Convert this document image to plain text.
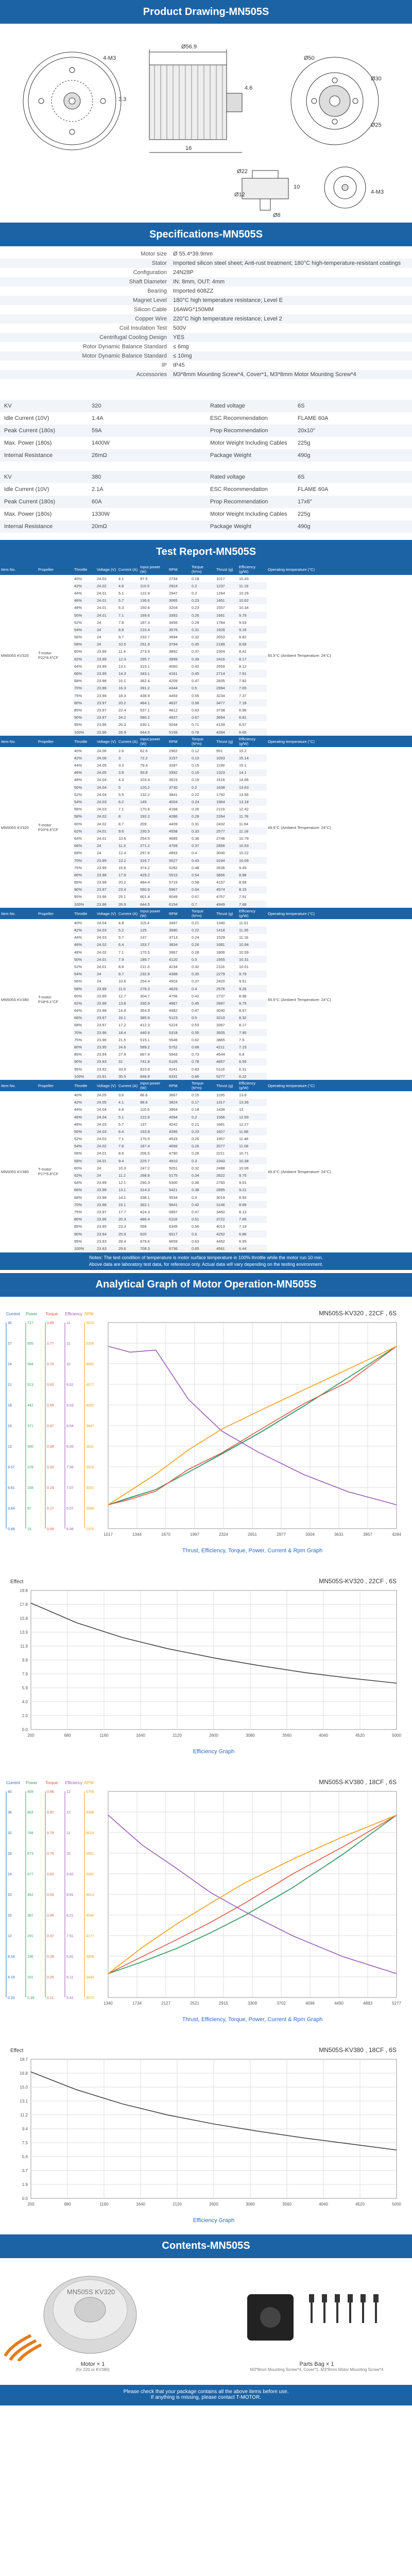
Product Drawing-MN505S
Ø56.9
16
4.6
4-M3	Ø50
Ø30
Ø25
Ø22
Ø12
Ø8
10
3.3
4-M3
Specifications-MN505S
Motor size	Ø 55.4*39.9mm
Stator	Imported silicon steel sheet; Anti-rust treatment; 180°C high-temperature-resistant coatings
Configuration	24N28P
Shaft Diameter	IN: 8mm, OUT: 4mm
Bearing	Imported 608ZZ
Magnet Level	180°C high temperature resistance; Level E
Silicon Cable	16AWG*150MM
Copper Wire	220°C high temperature resistance; Level 2
Coil Insulation Test	500V
Centrifugal Cooling Design	YES
Rotor Dynamic Balance Standard	≤ 6mg
Motor Dynamic Balance Standard	≤ 10mg
IP	IP45
Accessories	M3*8mm Mounting Screw*4, Cover*1, M3*8mm Motor Mounting Screw*4
KV	320	Rated voltage	6S
Idle Current (10V)	1.4A	ESC Recommendation	FLAME 60A
Peak Current (180s)	59A	Prop Recommendation	20x10"
Max. Power (180s)	1400W	Motor Weight Including Cables	225g
Internal Resistance	26mΩ	Package Weight	490g
KV	380	Rated voltage	6S
Idle Current (10V)	2.1A	ESC Recommendation	FLAME 60A
Peak Current (180s)	60A	Prop Recommendation	17x6"
Max. Power (180s)	1330W	Motor Weight Including Cables	225g
Internal Resistance	20mΩ	Package Weight	490g
Test Report-MN505S
Item No.	Propeller	Throttle	Voltage (V)	Current (A)	Input power (W)	RPM	Torque (N*m)	Thrust (g)	Efficiency (g/W)	Operating temperature (°C)
MN505S KV320	T-motor P22*6.6"CF	40%	24.02	4.1	97.5	2734	0.18	1017	10.43	65.5°C (Ambient Temperature: 24°C)
		42%	24.02	4.6	110.5	2924	0.2	1237	11.19	
		44%	24.01	5.1	122.9	2947	0.2	1264	10.29	
		46%	24.01	5.7	136.6	3065	0.23	1451	10.62	
		48%	24.01	6.3	150.6	3204	0.23	1557	10.34	
		50%	24.01	7.1	169.6	3392	0.26	1661	9.79	
		52%	24	7.8	187.3	3456	0.29	1784	9.53	
		54%	24	8.8	210.4	3576	0.31	1928	9.16	
		56%	24	9.7	232.7	3694	0.32	2053	8.82	
		58%	24	10.5	251.9	3794	0.35	2189	8.69	
		60%	23.99	11.4	273.9	3892	0.37	2304	8.41	
		62%	23.99	12.3	295.7	3999	0.39	2416	8.17	
		64%	23.99	13.1	315.1	4060	0.42	2559	8.12	
		66%	23.99	14.3	343.1	4161	0.45	2714	7.91	
		68%	23.98	15.1	362.4	4209	0.47	2835	7.82	
		70%	23.98	16.3	391.2	4344	0.5	2994	7.65	
		75%	23.98	18.3	438.9	4493	0.55	3234	7.37	
		80%	23.97	20.2	484.1	4637	0.58	3477	7.18	
		85%	23.97	22.4	537.1	4812	0.63	3738	6.96	
		90%	23.97	24.2	580.2	4937	0.67	3954	6.81	
		95%	23.96	26.3	630.1	5044	0.71	4139	6.57	
		100%	23.96	26.9	644.5	5159	0.76	4284	6.65	
Item No.	Propeller	Throttle	Voltage (V)	Current (A)	Input power (W)	RPM	Torque (N*m)	Thrust (g)	Efficiency (g/W)	Operating temperature (°C)
MN505S KV320	T-motor P20*6.6"CF	40%	24.06	2.6	62.6	2962	0.12	951	15.2	49.6°C (Ambient Temperature: 24°C)
		42%	24.06	3	72.2	3157	0.13	1093	15.14	
		44%	24.05	3.3	79.4	3287	0.15	1199	15.1	
		46%	24.05	3.9	93.8	3392	0.16	1323	14.1	
		48%	24.04	4.3	103.4	3623	0.19	1516	14.66	
		50%	24.04	5	120.2	3730	0.2	1638	13.63	
		52%	24.04	5.5	132.2	3841	0.22	1792	13.56	
		54%	24.03	6.2	149	4004	0.24	1964	13.18	
		56%	24.03	7.1	170.6	4168	0.26	2119	12.42	
		58%	24.02	8	192.2	4286	0.28	2264	11.78	
		60%	24.02	8.7	209	4409	0.31	2432	11.64	
		62%	24.01	9.6	230.5	4558	0.33	2577	11.18	
		64%	24.01	10.6	254.5	4685	0.36	2746	10.79	
		66%	24	11.3	271.2	4769	0.37	2856	10.53	
		68%	24	12.4	297.6	4893	0.4	3040	10.22	
		70%	23.99	13.2	316.7	5027	0.43	3194	10.09	
		75%	23.99	15.6	374.2	5282	0.48	3536	9.45	
		80%	23.98	17.9	429.2	5515	0.54	3856	8.98	
		85%	23.98	20.2	484.4	5715	0.58	4157	8.58	
		90%	23.97	23.4	560.9	5967	0.64	4574	8.15	
		95%	23.96	25.1	601.4	6049	0.67	4757	7.91	
		100%	23.96	26.9	644.5	6154	0.7	4949	7.68	
Item No.	Propeller	Throttle	Voltage (V)	Current (A)	Input power (W)	RPM	Torque (N*m)	Thrust (g)	Efficiency (g/W)	Operating temperature (°C)
MN505S KV380	T-motor P18*6.1"CF	40%	24.04	4.8	115.4	3497	0.21	1340	11.61	65.5°C (Ambient Temperature: 24°C)
		42%	24.03	5.2	125	3580	0.22	1418	11.35	
		44%	24.03	5.7	137	3713	0.24	1529	11.16	
		46%	24.02	6.4	153.7	3834	0.26	1681	10.94	
		48%	24.02	7.1	170.5	3967	0.28	1806	10.59	
		50%	24.01	7.9	189.7	4120	0.3	1955	10.31	
		52%	24.01	8.8	211.3	4234	0.32	2116	10.01	
		54%	24	9.7	232.8	4388	0.35	2279	9.79	
		56%	24	10.6	254.4	4503	0.37	2420	9.51	
		58%	23.99	11.6	278.3	4629	0.4	2576	9.26	
		60%	23.99	12.7	304.7	4756	0.42	2737	8.98	
		62%	23.98	13.8	330.9	4867	0.45	2897	8.75	
		64%	23.98	14.8	354.9	4982	0.47	3040	8.57	
		66%	23.97	16.1	385.9	5123	0.5	3210	8.32	
		68%	23.97	17.2	412.3	5224	0.53	3367	8.17	
		70%	23.96	18.4	440.9	5318	0.55	3505	7.95	
		75%	23.96	21.5	515.1	5546	0.62	3865	7.5	
		80%	23.95	24.6	589.2	5752	0.68	4211	7.15	
		85%	23.94	27.9	667.9	5943	0.73	4544	6.8	
		90%	23.93	31	741.8	6105	0.78	4857	6.55	
		95%	23.92	33.9	810.9	6241	0.83	5118	6.31	
		100%	23.91	35.5	848.8	6331	0.86	5277	6.22	
Item No.	Propeller	Throttle	Voltage (V)	Current (A)	Input power (W)	RPM	Torque (N*m)	Thrust (g)	Efficiency (g/W)	Operating temperature (°C)
MN505S KV380	T-motor P17*5.8"CF	40%	24.05	3.6	86.6	3667	0.15	1195	13.8	49.6°C (Ambient Temperature: 24°C)
		42%	24.05	4.1	98.6	3824	0.17	1317	13.36	
		44%	24.04	4.6	110.6	3964	0.18	1438	13	
		46%	24.04	5.1	122.6	4094	0.2	1556	12.69	
		48%	24.03	5.7	137	4242	0.21	1681	12.27	
		50%	24.03	6.4	153.8	4395	0.23	1827	11.88	
		52%	24.02	7.1	170.5	4533	0.25	1957	11.48	
		54%	24.02	7.8	187.4	4656	0.26	2077	11.08	
		56%	24.01	8.6	206.5	4790	0.28	2211	10.71	
		58%	24.01	9.4	225.7	4910	0.3	2343	10.38	
		60%	24	10.3	247.2	5051	0.32	2488	10.06	
		62%	24	11.2	268.8	5175	0.34	2622	9.75	
		64%	23.99	12.1	290.3	5300	0.36	2760	9.51	
		66%	23.99	13.1	314.3	5421	0.38	2895	9.21	
		68%	23.98	14.1	338.1	5534	0.4	3019	8.93	
		70%	23.98	15.1	362.1	5641	0.42	3146	8.69	
		75%	23.97	17.7	424.3	5897	0.47	3450	8.13	
		80%	23.96	20.3	486.4	6118	0.51	3722	7.65	
		85%	23.95	23.3	558	6345	0.56	4013	7.19	
		90%	23.94	25.9	620	6517	0.6	4252	6.86	
		95%	23.93	28.4	679.6	6659	0.63	4452	6.55	
		100%	23.93	29.6	708.3	6736	0.65	4561	6.44	
Notes: The test condition of temperature is motor surface temperature in 100% throttle while the motor run 10 min.
Above data are laboratory test data, for reference only. Actual data will vary depending on the testing environment.
Analytical Graph of Motor Operation-MN505S
MN505S-KV320 , 22CF , 6S
Thrust, Efficiency, Torque, Power, Current & Rpm Graph
1017	1344	1670	1997	2324	2651	2977	3304	3631	3957	4284
0.68
3.64
6.61
9.57
13
15
18
21
24
27
30
15
87
158
229
300
371
442
513
584
655
727
0.09
0.17
0.24
0.32
0.39
0.47
0.55
0.62
0.70
0.77
0.85
6.08
6.57
7.07
7.56
8.05
8.54
9.03
9.52
10
11
11
2370
2686
3001
3316
3631
3947
4262
4577
4892
5208
5523
Current Power Torque Efficiency RPM
MN505S-KV320 , 22CF , 6S
Efficiency Graph
Effect
200	680	1160	1640	2120	2600	3080	3560	4040	4520	5000
0.0
2.0
4.0
5.9
7.9
9.9
11.9
13.9
15.8
17.8
19.8
MN505S-KV380 , 18CF , 6S
Thrust, Efficiency, Torque, Power, Current & Rpm Graph
1340	1734	2127	2521	2915	3309	3702	4096	4490	4883	5277
0.20
4.19
8.18
12
16
20
24
28
32
36
40
5.39
101
196
291
387
482
577
673
768
863
959
0.11
0.20
0.28
0.37
0.45
0.53
0.62
0.70
0.79
0.87
0.96
5.41
6.11
6.81
7.51
8.21
8.91
9.62
10
11
12
12
3072
3440
3809
4177
4546
4914
5282
5651
6019
6388
6756
Current Power Torque Efficiency RPM
MN505S-KV380 , 18CF , 6S
Efficiency Graph
Effect
200	680	1160	1640	2120	2600	3080	3560	4040	4520	5000
0.0
1.9
3.7
5.6
7.5
9.4
11.2
13.1
15.0
16.8
18.7
Contents-MN505S
MN505S KV320
Motor × 1
(for 220 or KV380)
Parts Bag × 1
M3*8mm Mounting Screw*4, Cover*1, M3*8mm Motor Mounting Screw*4
Please check that your package contains all the above items before use.
If anything is missing, please contact T-MOTOR.
